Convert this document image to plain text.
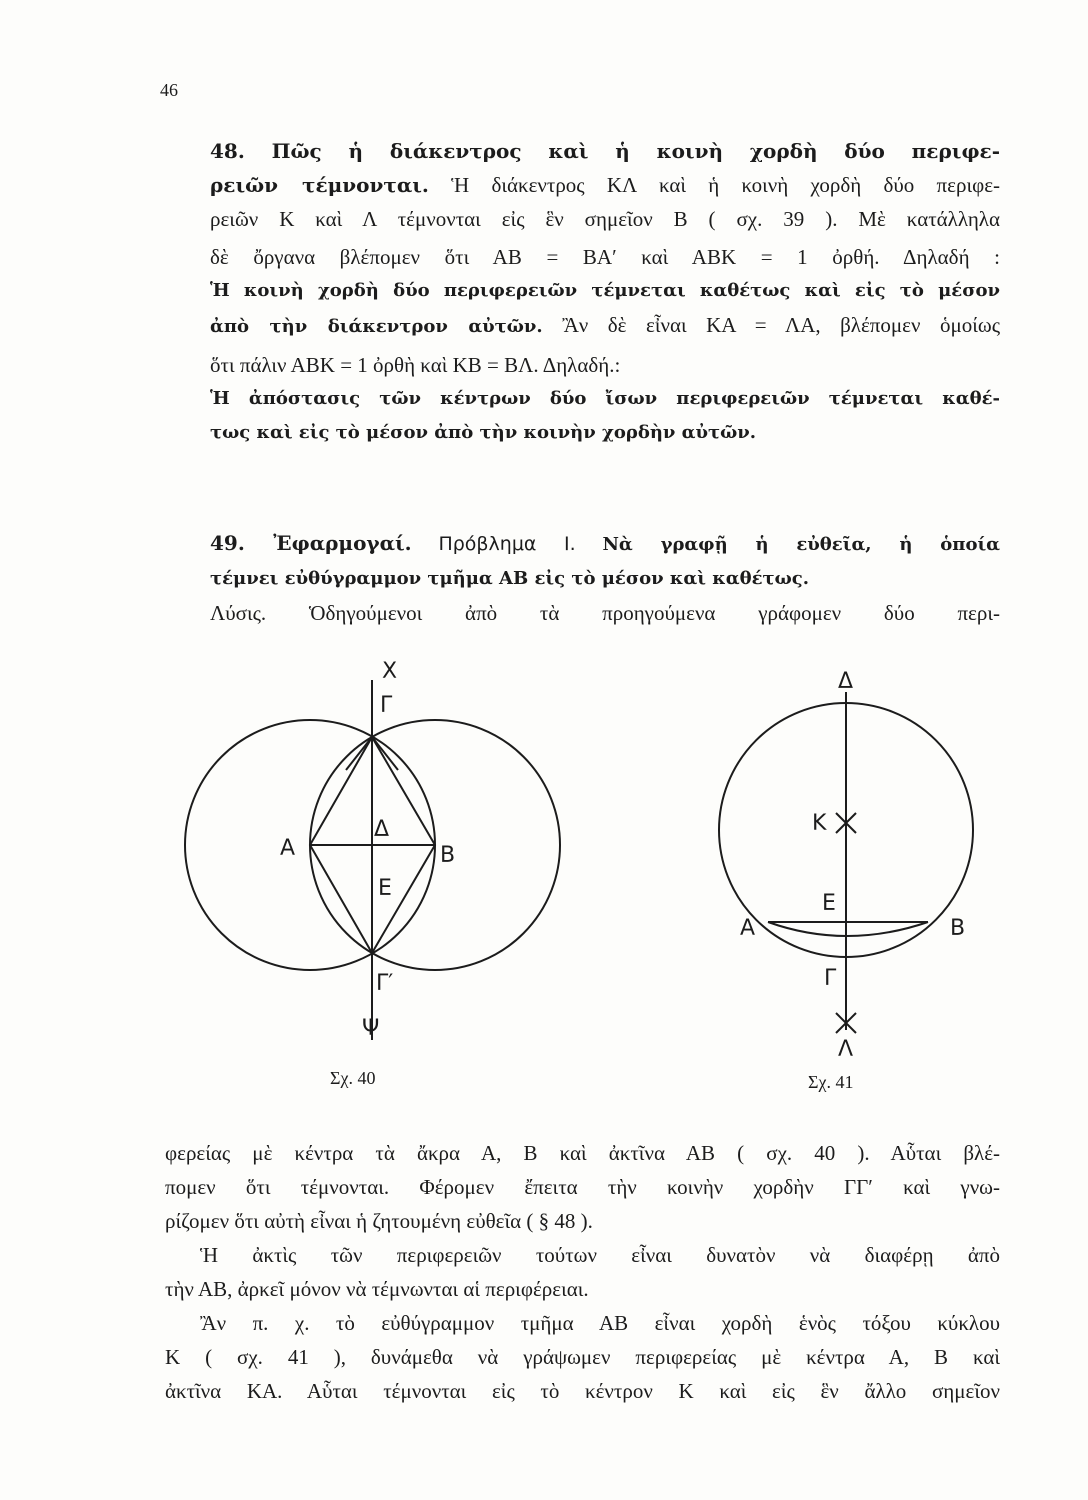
46
48. Πῶς ἡ διάκεντρος καὶ ἡ κοινὴ χορδὴ δύο περιφε-
ρειῶν τέμνονται. Ἡ διάκεντρος ΚΛ καὶ ἡ κοινὴ χορδὴ δύο περιφε-
ρειῶν Κ καὶ Λ τέμνονται εἰς ἓν σημεῖον Β ( σχ. 39 ). Μὲ κατάλληλα
δὲ ὄργανα βλέπομεν ὅτι ΑΒ = ΒΑ′ καὶ ΑΒΚ = 1 ὀρθή. Δηλαδή :
Ἡ κοινὴ χορδὴ δύο περιφερειῶν τέμνεται καθέτως καὶ εἰς τὸ μέσον
ἀπὸ τὴν διάκεντρον αὐτῶν. Ἂν δὲ εἶναι ΚΑ = ΛΑ, βλέπομεν ὁμοίως
ὅτι πάλιν ΑΒΚ = 1 ὀρθὴ καὶ ΚΒ = ΒΛ. Δηλαδή.:
Ἡ ἀπόστασις τῶν κέντρων δύο ἴσων περιφερειῶν τέμνεται καθέ-
τως καὶ εἰς τὸ μέσον ἀπὸ τὴν κοινὴν χορδὴν αὐτῶν.
49. Ἐφαρμογαί. Πρόβλημα Ι. Νὰ γραφῇ ἡ εὐθεῖα, ἡ ὁποία
τέμνει εὐθύγραμμον τμῆμα ΑΒ εἰς τὸ μέσον καὶ καθέτως.
Λύσις. Ὁδηγούμενοι ἀπὸ τὰ προηγούμενα γράφομεν δύο περι-
Χ
Γ
Α
Δ
Β
Ε
Γ′
Ψ
Σχ. 40
Δ
Κ
Ε
Α	Β
Γ
Λ
Σχ. 41
φερείας μὲ κέντρα τὰ ἄκρα Α, Β καὶ ἀκτῖνα ΑΒ ( σχ. 40 ). Αὗται βλέ-
πομεν ὅτι τέμνονται. Φέρομεν ἔπειτα τὴν κοινὴν χορδὴν ΓΓ′ καὶ γνω-
ρίζομεν ὅτι αὐτὴ εἶναι ἡ ζητουμένη εὐθεῖα ( § 48 ).
Ἡ ἀκτὶς τῶν περιφερειῶν τούτων εἶναι δυνατὸν νὰ διαφέρῃ ἀπὸ
τὴν ΑΒ, ἀρκεῖ μόνον νὰ τέμνωνται αἱ περιφέρειαι.
Ἂν π. χ. τὸ εὐθύγραμμον τμῆμα ΑΒ εἶναι χορδὴ ἑνὸς τόξου κύκλου
Κ ( σχ. 41 ), δυνάμεθα νὰ γράψωμεν περιφερείας μὲ κέντρα Α, Β καὶ
ἀκτῖνα ΚΑ. Αὗται τέμνονται εἰς τὸ κέντρον Κ καὶ εἰς ἓν ἄλλο σημεῖον
